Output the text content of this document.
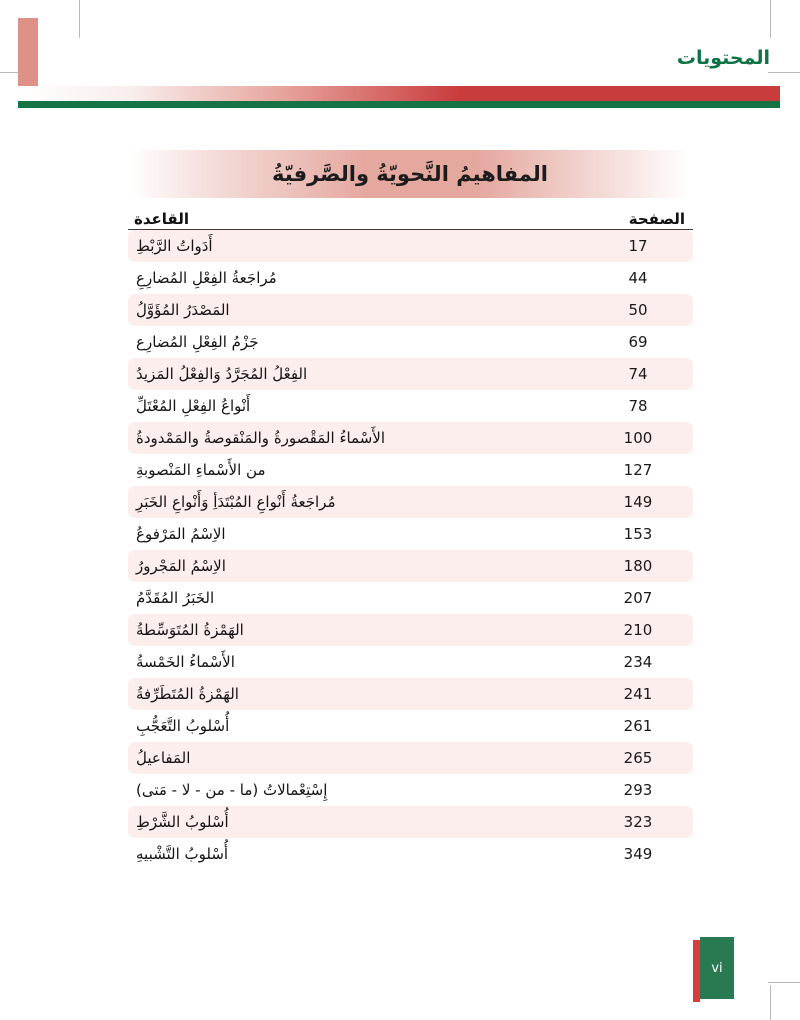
المحتويات
المفاهيمُ النَّحويّةُ والصَّرفيّةُ
الصفحة
القاعدة
17
أَدَواتُ الرَّبْطِ
44
مُراجَعةُ الفِعْلِ المُضارِعِ
50
المَصْدَرُ المُؤَوَّلُ
69
جَزْمُ الفِعْلِ المُضارِع
74
الفِعْلُ المُجَرَّدُ وَالفِعْلُ المَزيدُ
78
أَنْواعُ الفِعْلِ المُعْتَلِّ
100
الأَسْماءُ المَقْصورةُ والمَنْقوصةُ والمَمْدودةُ
127
من الأَسْماءِ المَنْصوبةِ
149
مُراجَعةُ أَنْواعِ المُبْتَدَأِ وَأَنْواعِ الخَبَرِ
153
الاِسْمُ المَرْفوعُ
180
الاِسْمُ المَجْرورُ
207
الخَبَرُ المُقَدَّمُ
210
الهَمْزةُ المُتَوَسِّطةُ
234
الأَسْماءُ الخَمْسةُ
241
الهَمْزةُ المُتَطَرِّفةُ
261
أُسْلوبُ التَّعَجُّبِ
265
المَفاعيلُ
293
إِسْتِعْمالاتُ (ما - من - لا - مَتى)
323
أُسْلوبُ الشَّرْطِ
349
أُسْلوبُ التَّشْبيهِ
vi
